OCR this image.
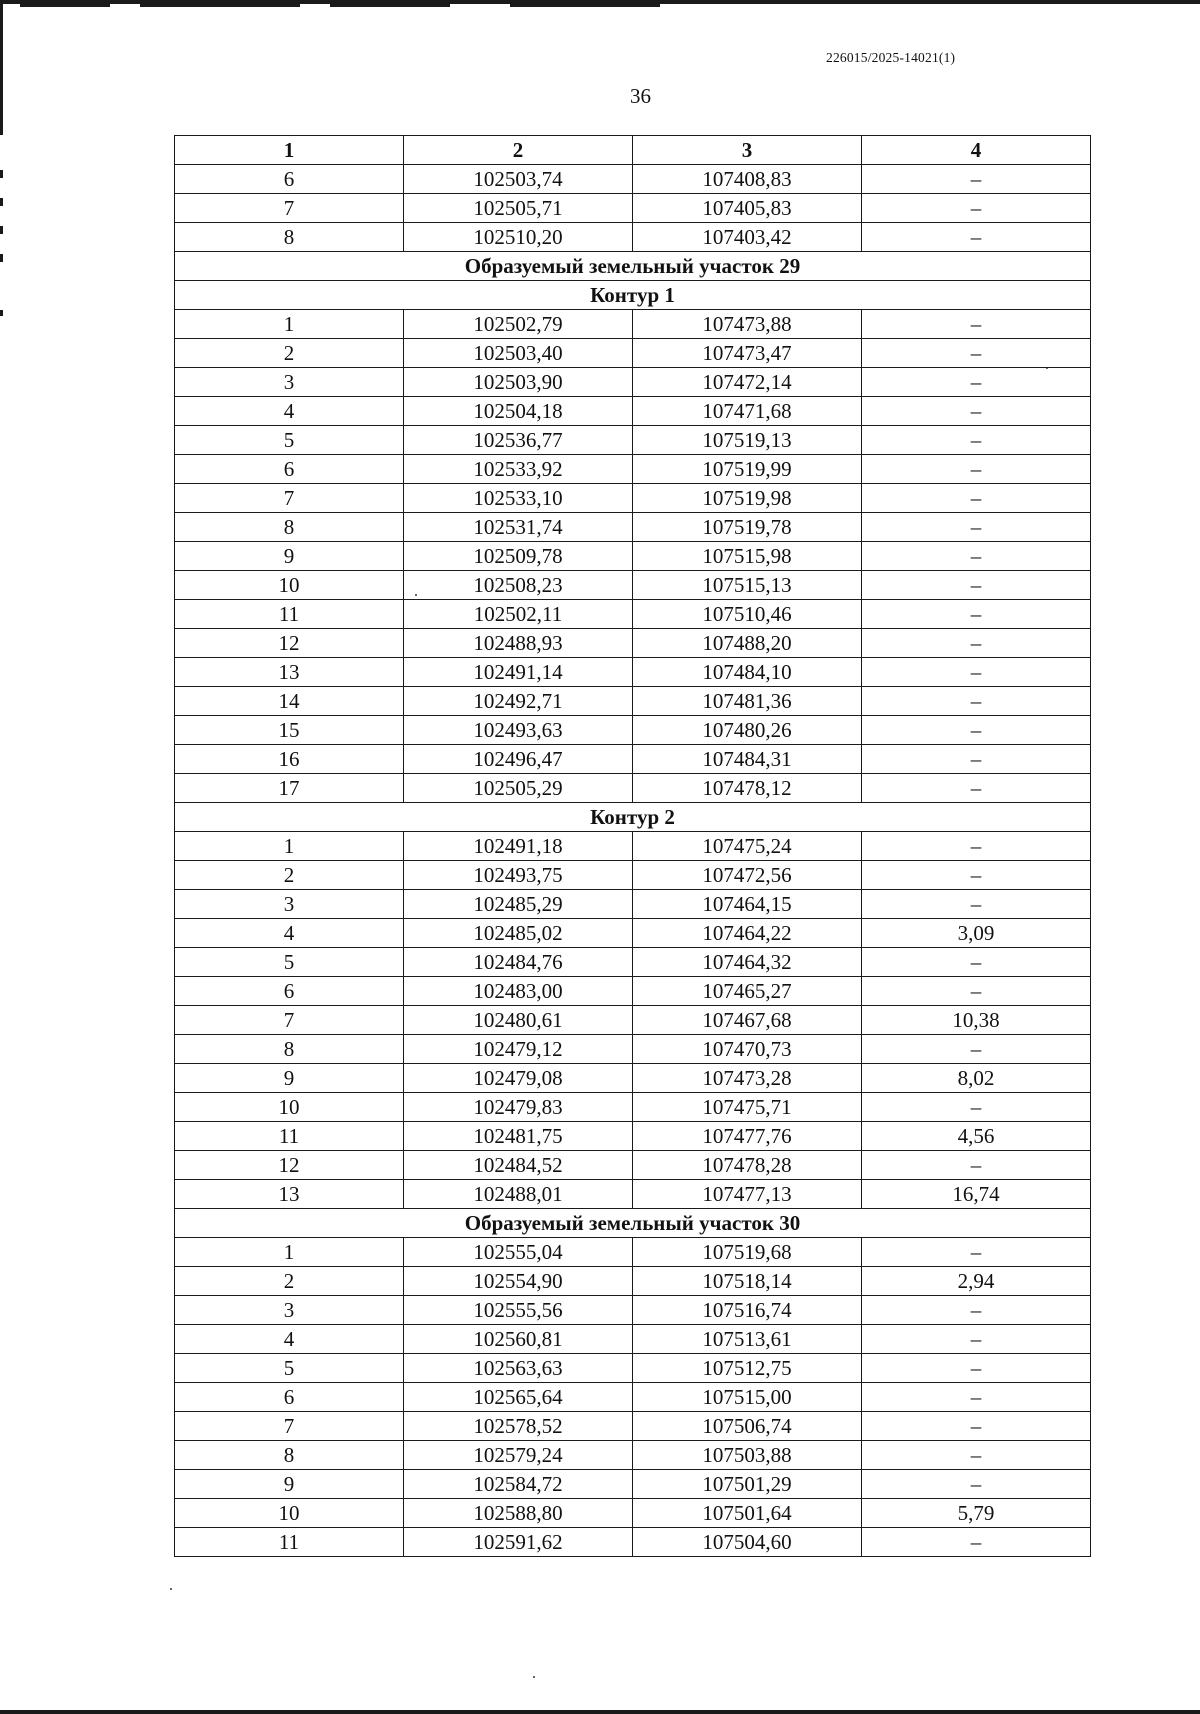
226015/2025-14021(1)
36
1	2	3	4
6	102503,74	107408,83	–
7	102505,71	107405,83	–
8	102510,20	107403,42	–
Образуемый земельный участок 29			
Контур 1			
1	102502,79	107473,88	–
2	102503,40	107473,47	–
3	102503,90	107472,14	–
4	102504,18	107471,68	–
5	102536,77	107519,13	–
6	102533,92	107519,99	–
7	102533,10	107519,98	–
8	102531,74	107519,78	–
9	102509,78	107515,98	–
10	102508,23	107515,13	–
11	102502,11	107510,46	–
12	102488,93	107488,20	–
13	102491,14	107484,10	–
14	102492,71	107481,36	–
15	102493,63	107480,26	–
16	102496,47	107484,31	–
17	102505,29	107478,12	–
Контур 2			
1	102491,18	107475,24	–
2	102493,75	107472,56	–
3	102485,29	107464,15	–
4	102485,02	107464,22	3,09
5	102484,76	107464,32	–
6	102483,00	107465,27	–
7	102480,61	107467,68	10,38
8	102479,12	107470,73	–
9	102479,08	107473,28	8,02
10	102479,83	107475,71	–
11	102481,75	107477,76	4,56
12	102484,52	107478,28	–
13	102488,01	107477,13	16,74
Образуемый земельный участок 30			
1	102555,04	107519,68	–
2	102554,90	107518,14	2,94
3	102555,56	107516,74	–
4	102560,81	107513,61	–
5	102563,63	107512,75	–
6	102565,64	107515,00	–
7	102578,52	107506,74	–
8	102579,24	107503,88	–
9	102584,72	107501,29	–
10	102588,80	107501,64	5,79
11	102591,62	107504,60	–
